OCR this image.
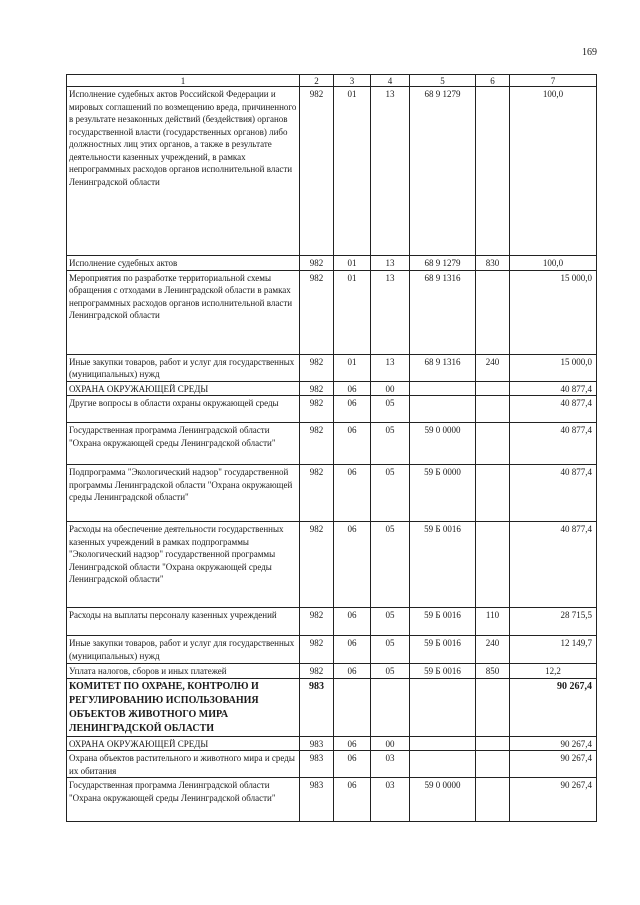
169
1	2	3	4	5	6	7
Исполнение судебных актов Российской Федерации и мировых соглашений по возмещению вреда, причиненного в результате незаконных действий (бездействия) органов государственной власти (государственных органов) либо должностных лиц этих органов, а также в результате деятельности казенных учреждений, в рамках непрограммных расходов органов исполнительной власти Ленинградской области	982	01	13	68 9 1279		100,0
Исполнение судебных актов	982	01	13	68 9 1279	830	100,0
Мероприятия по разработке территориальной схемы обращения с отходами в Ленинградской области в рамках непрограммных расходов органов исполнительной власти Ленинградской области	982	01	13	68 9 1316		15 000,0
Иные закупки товаров, работ и услуг для государственных (муниципальных) нужд	982	01	13	68 9 1316	240	15 000,0
ОХРАНА ОКРУЖАЮЩЕЙ СРЕДЫ	982	06	00			40 877,4
Другие вопросы в области охраны окружающей среды	982	06	05			40 877,4
Государственная программа Ленинградской области "Охрана окружающей среды Ленинградской области"	982	06	05	59 0 0000		40 877,4
Подпрограмма "Экологический надзор" государственной программы Ленинградской области "Охрана окружающей среды Ленинградской области"	982	06	05	59 Б 0000		40 877,4
Расходы на обеспечение деятельности государственных казенных учреждений в рамках подпрограммы "Экологический надзор" государственной программы Ленинградской области "Охрана окружающей среды Ленинградской области"	982	06	05	59 Б 0016		40 877,4
Расходы на выплаты персоналу казенных учреждений	982	06	05	59 Б 0016	110	28 715,5
Иные закупки товаров, работ и услуг для государственных (муниципальных) нужд	982	06	05	59 Б 0016	240	12 149,7
Уплата налогов, сборов и иных платежей	982	06	05	59 Б 0016	850	12,2
КОМИТЕТ ПО ОХРАНЕ, КОНТРОЛЮ И РЕГУЛИРОВАНИЮ ИСПОЛЬЗОВАНИЯ ОБЪЕКТОВ ЖИВОТНОГО МИРА ЛЕНИНГРАДСКОЙ ОБЛАСТИ	983					90 267,4
ОХРАНА ОКРУЖАЮЩЕЙ СРЕДЫ	983	06	00			90 267,4
Охрана объектов растительного и животного мира и среды их обитания	983	06	03			90 267,4
Государственная программа Ленинградской области "Охрана окружающей среды Ленинградской области"	983	06	03	59 0 0000		90 267,4
